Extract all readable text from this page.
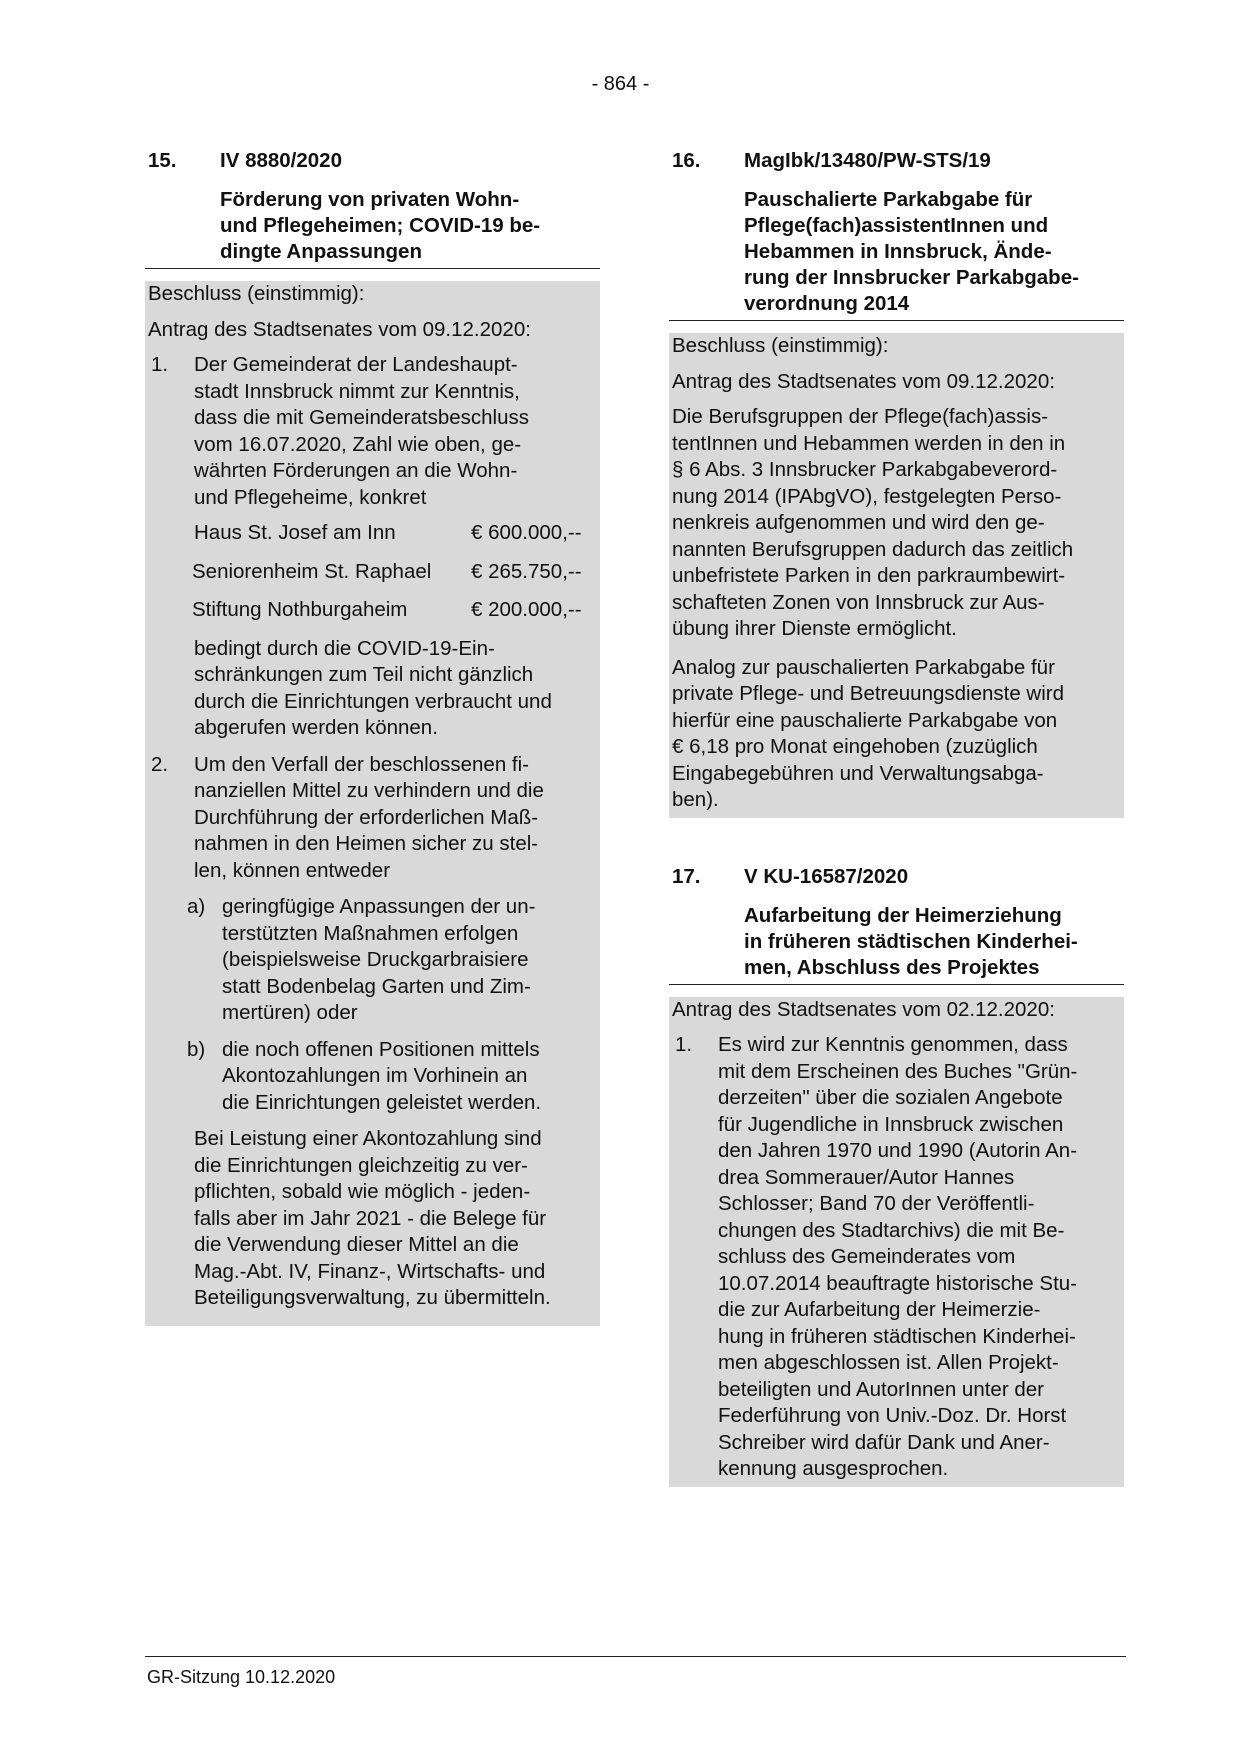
- 864 -
15. IV 8880/2020
Förderung von privaten Wohn-
und Pflegeheimen; COVID-19 be-
dingte Anpassungen

Beschluss (einstimmig):

Antrag des Stadtsenates vom 09.12.2020:

1. Der Gemeinderat der Landeshaupt-
stadt Innsbruck nimmt zur Kenntnis,
dass die mit Gemeinderatsbeschluss
vom 16.07.2020, Zahl wie oben, ge-
währten Förderungen an die Wohn-
und Pflegeheime, konkret
Haus St. Josef am Inn	€ 600.000,--
Seniorenheim St. Raphael € 265.750,--
Stiftung Nothburgaheim	€ 200.000,--
bedingt durch die COVID-19-Ein-
schränkungen zum Teil nicht gänzlich
durch die Einrichtungen verbraucht und
abgerufen werden können.
2. Um den Verfall der beschlossenen fi-
nanziellen Mittel zu verhindern und die
Durchführung der erforderlichen Maß-
nahmen in den Heimen sicher zu stel-
len, können entweder
a) geringfügige Anpassungen der un-
terstützten Maßnahmen erfolgen
(beispielsweise Druckgarbraisiere
statt Bodenbelag Garten und Zim-
mertüren) oder
b) die noch offenen Positionen mittels
Akontozahlungen im Vorhinein an
die Einrichtungen geleistet werden.
Bei Leistung einer Akontozahlung sind
die Einrichtungen gleichzeitig zu ver-
pflichten, sobald wie möglich - jeden-
falls aber im Jahr 2021 - die Belege für
die Verwendung dieser Mittel an die
Mag.-Abt. IV, Finanz-, Wirtschafts- und
Beteiligungsverwaltung, zu übermitteln.
16. MagIbk/13480/PW-STS/19
Pauschalierte Parkabgabe für
Pflege(fach)assistentInnen und
Hebammen in Innsbruck, Ände-
rung der Innsbrucker Parkabgabe-
verordnung 2014

Beschluss (einstimmig):

Antrag des Stadtsenates vom 09.12.2020:

Die Berufsgruppen der Pflege(fach)assis-
tentInnen und Hebammen werden in den in
§ 6 Abs. 3 Innsbrucker Parkabgabeverord-
nung 2014 (IPAbgVO), festgelegten Perso-
nenkreis aufgenommen und wird den ge-
nannten Berufsgruppen dadurch das zeitlich
unbefristete Parken in den parkraumbewirt-
schafteten Zonen von Innsbruck zur Aus-
übung ihrer Dienste ermöglicht.

Analog zur pauschalierten Parkabgabe für
private Pflege- und Betreuungsdienste wird
hierfür eine pauschalierte Parkabgabe von
€ 6,18 pro Monat eingehoben (zuzüglich
Eingabegebühren und Verwaltungsabga-
ben).

17. V KU-16587/2020
Aufarbeitung der Heimerziehung
in früheren städtischen Kinderhei-
men, Abschluss des Projektes

Antrag des Stadtsenates vom 02.12.2020:

1. Es wird zur Kenntnis genommen, dass
mit dem Erscheinen des Buches "Grün-
derzeiten" über die sozialen Angebote
für Jugendliche in Innsbruck zwischen
den Jahren 1970 und 1990 (Autorin An-
drea Sommerauer/Autor Hannes
Schlosser; Band 70 der Veröffentli-
chungen des Stadtarchivs) die mit Be-
schluss des Gemeinderates vom
10.07.2014 beauftragte historische Stu-
die zur Aufarbeitung der Heimerzie-
hung in früheren städtischen Kinderhei-
men abgeschlossen ist. Allen Projekt-
beteiligten und AutorInnen unter der
Federführung von Univ.-Doz. Dr. Horst
Schreiber wird dafür Dank und Aner-
kennung ausgesprochen.
GR-Sitzung 10.12.2020
